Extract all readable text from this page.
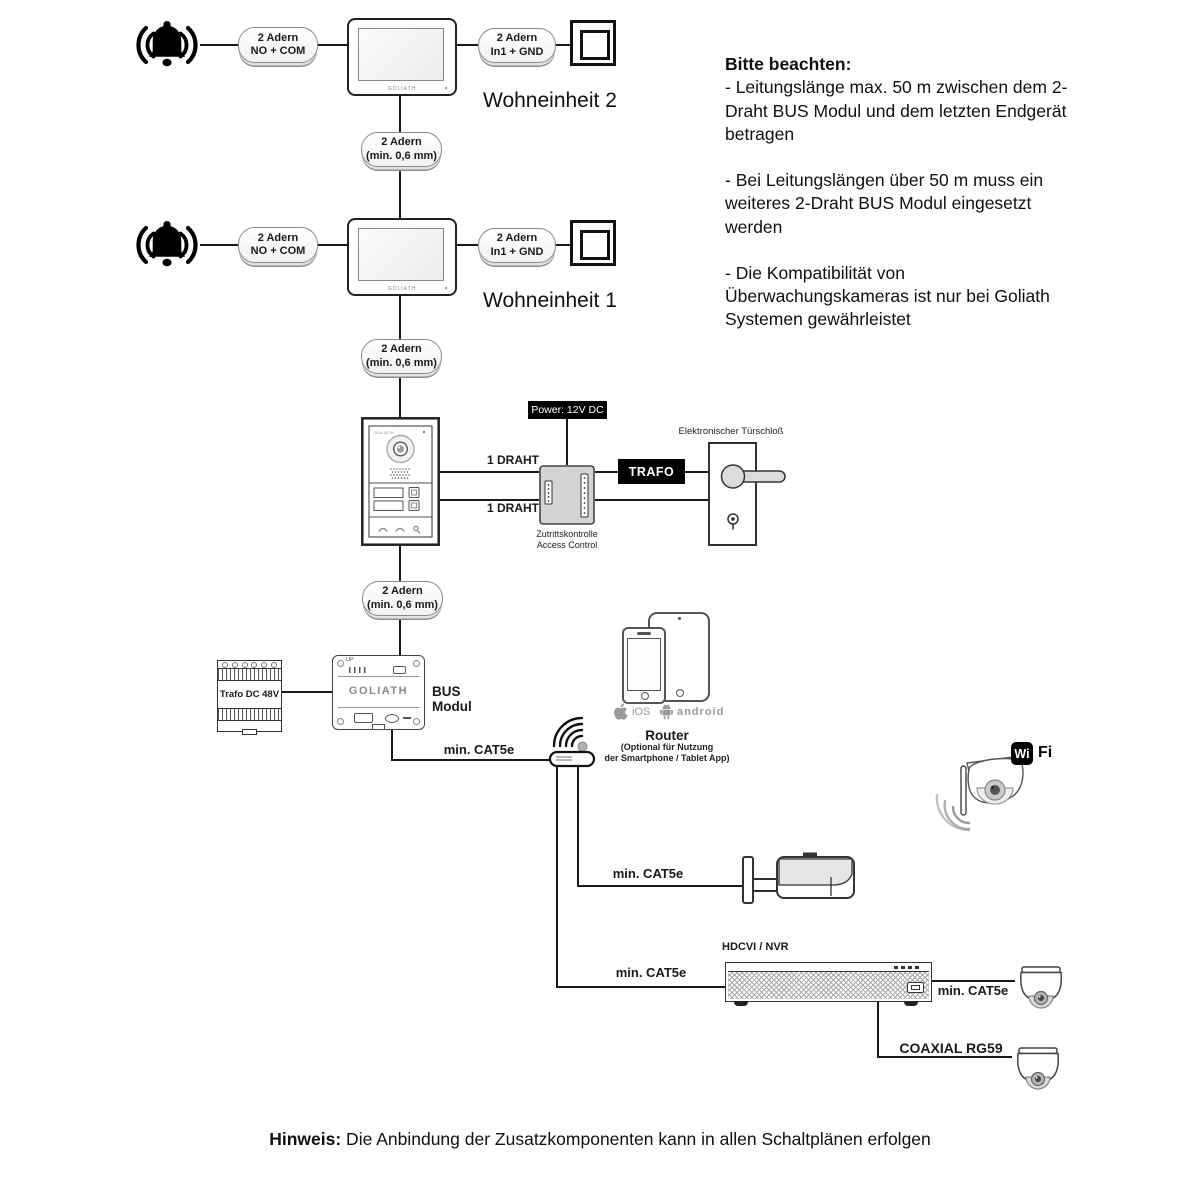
2 Adern
NO + COM
GOLIATH
2 Adern
In1 + GND
Wohneinheit 2
2 Adern
(min. 0,6 mm)
2 Adern
NO + COM
GOLIATH
2 Adern
In1 + GND
Wohneinheit 1
2 Adern
(min. 0,6 mm)

Bitte beachten:

- Leitungslänge max. 50 m zwischen dem 2-Draht BUS Modul und dem letzten Endgerät betragen

- Bei Leitungslängen über 50 m muss ein weiteres 2-Draht BUS Modul eingesetzt werden

- Die Kompatibilität von Überwachungskameras ist nur bei Goliath Systemen gewährleistet

GOLIATH
Power: 12V DC
1 DRAHT
1 DRAHT
Zutrittskontrolle
Access Control
TRAFO
Elektronischer Türschloß
2 Adern
(min. 0,6 mm)
Trafo DC 48V
UP
GOLIATH	BUS Modul
min. CAT5e
iOS android
Router
(Optional für Nutzung
der Smartphone / Tablet App)	Wi Fi
min. CAT5e
min. CAT5e
HDCVI / NVR
min. CAT5e
COAXIAL RG59
Hinweis: Die Anbindung der Zusatzkomponenten kann in allen Schaltplänen erfolgen
